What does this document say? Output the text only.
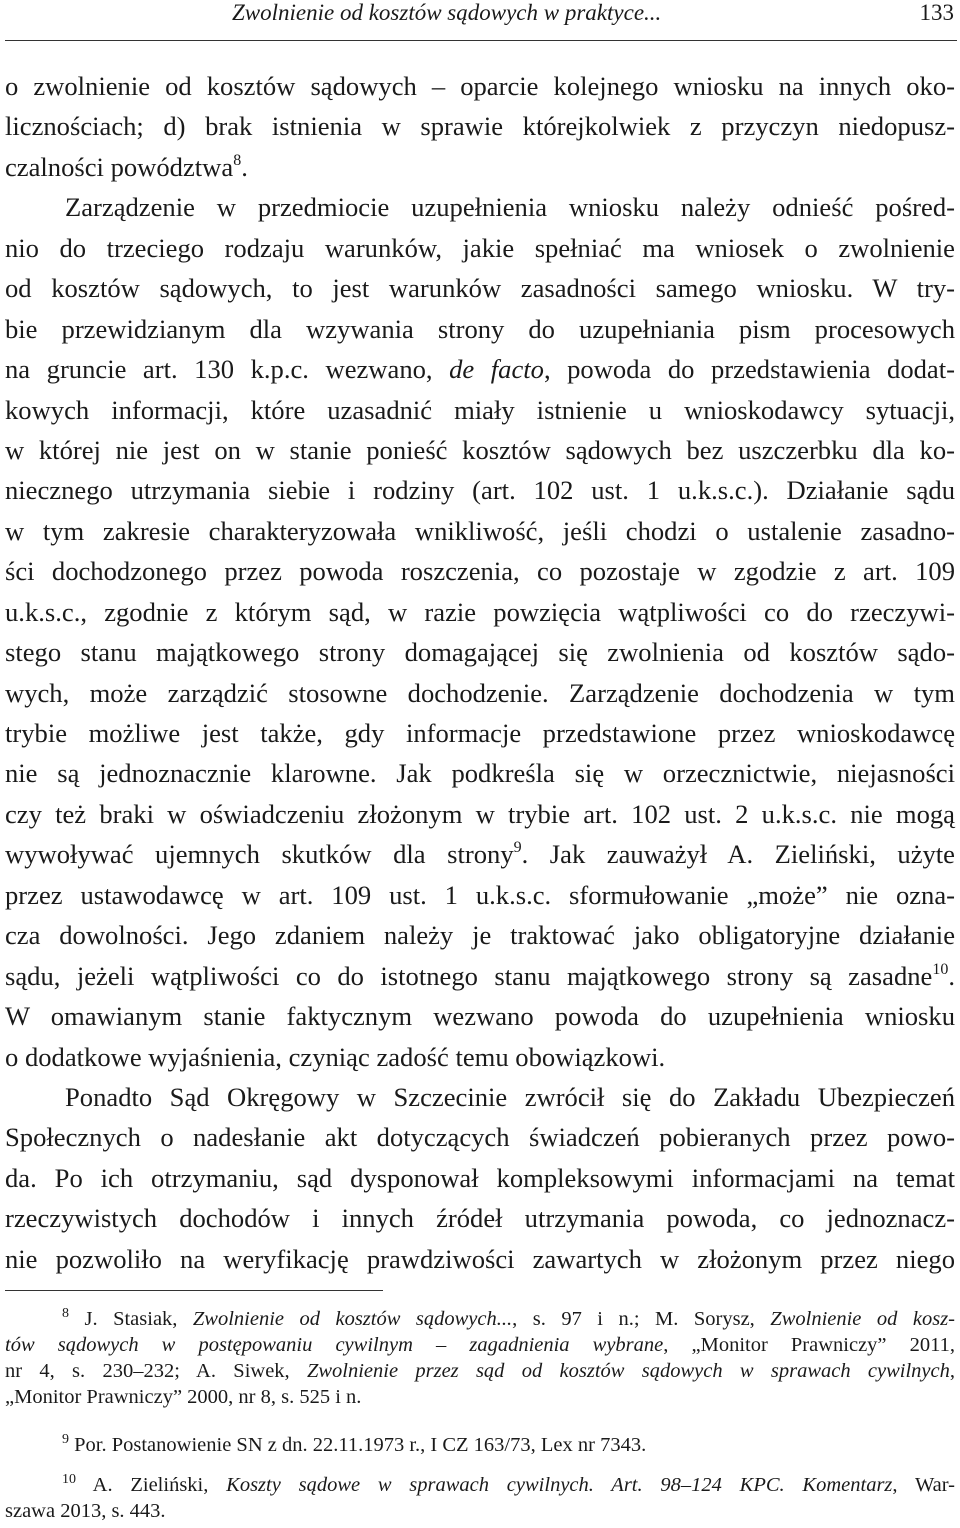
Zwolnienie od kosztów sądowych w praktyce...	133
o zwolnienie od kosztów sądowych – oparcie kolejnego wniosku na innych oko-
licznościach; d) brak istnienia w sprawie którejkolwiek z przyczyn niedopusz-
czalności powództwa$^8$.
Zarządzenie w przedmiocie uzupełnienia wniosku należy odnieść pośred-
nio do trzeciego rodzaju warunków, jakie spełniać ma wniosek o zwolnienie
od kosztów sądowych, to jest warunków zasadności samego wniosku. W try-
bie przewidzianym dla wzywania strony do uzupełniania pism procesowych
na gruncie art. 130 k.p.c. wezwano, de facto, powoda do przedstawienia dodat-
kowych informacji, które uzasadnić miały istnienie u wnioskodawcy sytuacji,
w której nie jest on w stanie ponieść kosztów sądowych bez uszczerbku dla ko-
niecznego utrzymania siebie i rodziny (art. 102 ust. 1 u.k.s.c.). Działanie sądu
w tym zakresie charakteryzowała wnikliwość, jeśli chodzi o ustalenie zasadno-
ści dochodzonego przez powoda roszczenia, co pozostaje w zgodzie z art. 109
u.k.s.c., zgodnie z którym sąd, w razie powzięcia wątpliwości co do rzeczywi-
stego stanu majątkowego strony domagającej się zwolnienia od kosztów sądo-
wych, może zarządzić stosowne dochodzenie. Zarządzenie dochodzenia w tym
trybie możliwe jest także, gdy informacje przedstawione przez wnioskodawcę
nie są jednoznacznie klarowne. Jak podkreśla się w orzecznictwie, niejasności
czy też braki w oświadczeniu złożonym w trybie art. 102 ust. 2 u.k.s.c. nie mogą
wywoływać ujemnych skutków dla strony$^9$. Jak zauważył A. Zieliński, użyte
przez ustawodawcę w art. 109 ust. 1 u.k.s.c. sformułowanie „może” nie ozna-
cza dowolności. Jego zdaniem należy je traktować jako obligatoryjne działanie
sądu, jeżeli wątpliwości co do istotnego stanu majątkowego strony są zasadne$^{10}$.
W omawianym stanie faktycznym wezwano powoda do uzupełnienia wniosku
o dodatkowe wyjaśnienia, czyniąc zadość temu obowiązkowi.
Ponadto Sąd Okręgowy w Szczecinie zwrócił się do Zakładu Ubezpieczeń
Społecznych o nadesłanie akt dotyczących świadczeń pobieranych przez powo-
da. Po ich otrzymaniu, sąd dysponował kompleksowymi informacjami na temat
rzeczywistych dochodów i innych źródeł utrzymania powoda, co jednoznacz-
nie pozwoliło na weryfikację prawdziwości zawartych w złożonym przez niego
$^8$ J. Stasiak, Zwolnienie od kosztów sądowych..., s. 97 i n.; M. Sorysz, Zwolnienie od kosz-
tów sądowych w postępowaniu cywilnym – zagadnienia wybrane, „Monitor Prawniczy” 2011,
nr 4, s. 230–232; A. Siwek, Zwolnienie przez sąd od kosztów sądowych w sprawach cywilnych,
„Monitor Prawniczy” 2000, nr 8, s. 525 i n.
$^9$ Por. Postanowienie SN z dn. 22.11.1973 r., I CZ 163/73, Lex nr 7343.
$^{10}$ A. Zieliński, Koszty sądowe w sprawach cywilnych. Art. 98–124 KPC. Komentarz, War-
szawa 2013, s. 443.
